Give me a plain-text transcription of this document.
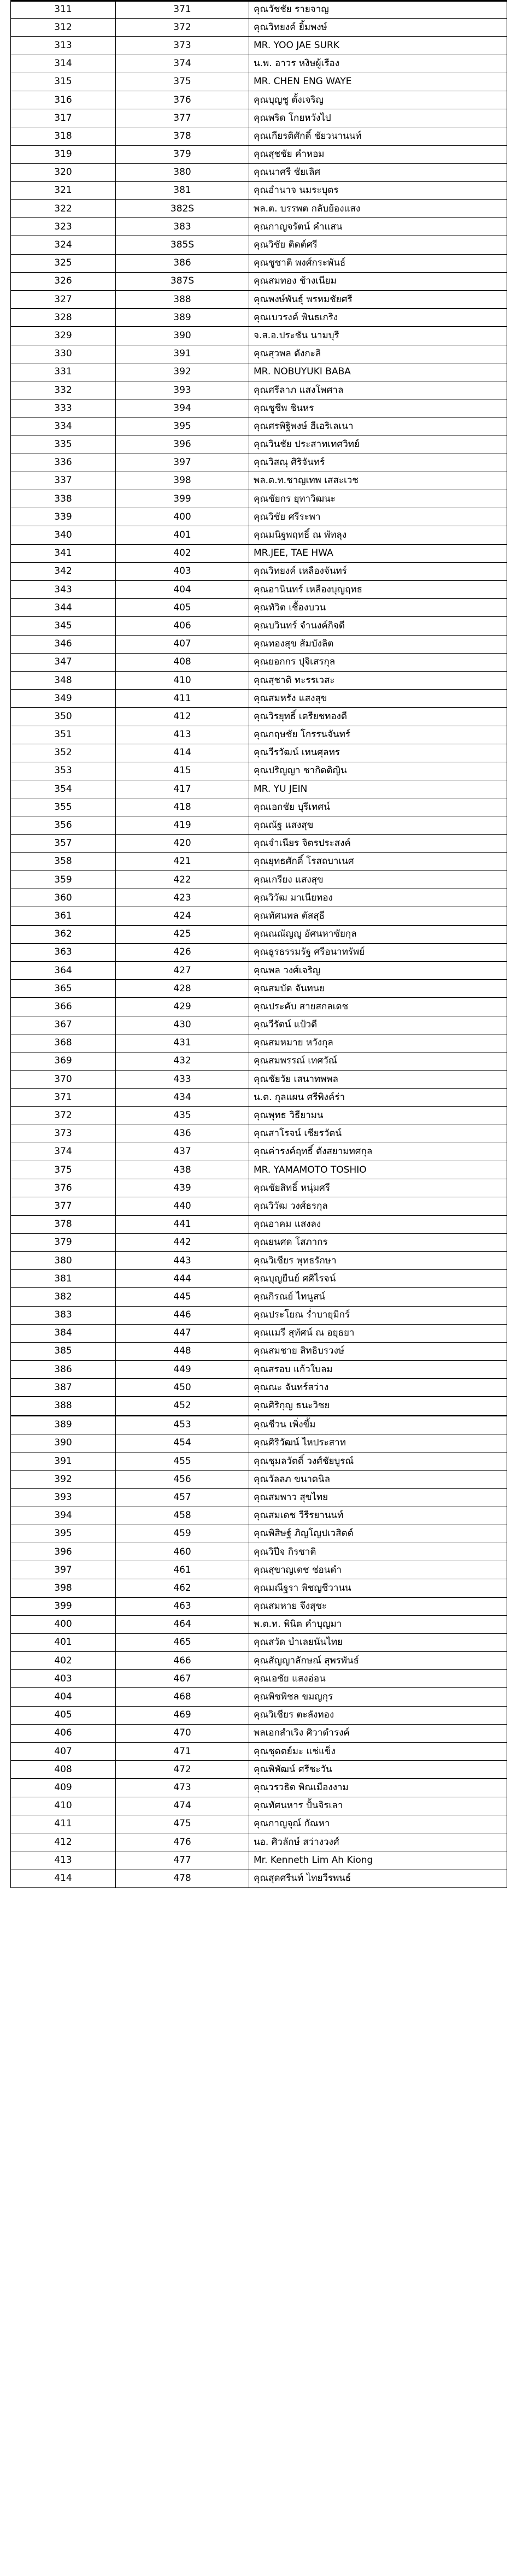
311	371	คุณวัชชัย รายจาญ
312	372	คุณวิทยงค์ ยิ้มพงษ์
313	373	MR. YOO JAE SURK
314	374	น.พ. อาวร หงิษผู้เรือง
315	375	MR. CHEN ENG WAYE
316	376	คุณบุญชู ตั้งเจริญ
317	377	คุณพริด โกยหวังไป
318	378	คุณเกียรติศักดิ์ ชัยวนานนท์
319	379	คุณสุชชัย คำหอม
320	380	คุณนาศรี ชัยเลิศ
321	381	คุณอำนาจ นมระบุตร
322	382S	พล.ต. บรรพต กลับย้องแสง
323	383	คุณกาญจรัตน์ คำแสน
324	385S	คุณวิชัย ติดต์ศรี
325	386	คุณชูชาติ พงศ์กระพันธ์
326	387S	คุณสมทอง ช้างเนียม
327	388	คุณพงษ์พันธุ์ พรหมชัยศรี
328	389	คุณเบวรงค์ พินธเกริง
329	390	จ.ส.อ.ประชัน นามบุรี
330	391	คุณสุวพล ดังกะลิ
331	392	MR. NOBUYUKI BABA
332	393	คุณศรีลาภ แสงโพศาล
333	394	คุณชูชีพ ชินหร
334	395	คุณศรพิฐิพงษ์ ฮีเอริเลเนา
335	396	คุณวินชัย ประสาทเทศวิทย์
336	397	คุณวิสณุ ศิริจันทร์
337	398	พล.ต.ท.ชาญเทพ เสสะเวช
338	399	คุณชัยกร ยุทาวิฒนะ
339	400	คุณวิชัย ศรีระพา
340	401	คุณมนิฐพฤทธิ์ ณ พัทลุง
341	402	MR.JEE, TAE HWA
342	403	คุณวิทยงค์ เหลืองจันทร์
343	404	คุณอานินทร์ เหลืองบุญฤทธ
344	405	คุณทัวิต เชื้องบวน
345	406	คุณบวินทร์ จำนงค์กิจดี
346	407	คุณทองสุข ส้มบังลิต
347	408	คุณยอกกร ปุจิเสรกุล
348	410	คุณสุชาติ ทะรรเวสะ
349	411	คุณสมหรัง แสงสุข
350	412	คุณวิรยุทธิ์ เตรียชทองดี
351	413	คุณกฤษชัย โกรรนจันทร์
352	414	คุณวีรวัฒน์ เทนศุลทร
353	415	คุณปริญญา ชากิดติญิน
354	417	MR. YU JEIN
355	418	คุณเอกชัย บุรีเทศน์
356	419	คุณณัฐ แสงสุข
357	420	คุณจำเนียร จิตรประสงค์
358	421	คุณยุทธศักดิ์ โรสถบาเนศ
359	422	คุณเกรียง แสงสุข
360	423	คุณวิวัฒ มาเนียทอง
361	424	คุณทัศนพล ตัสสุธี
362	425	คุณณณัญญู อัศนหาซัยกุล
363	426	คุณธูรธรรมรัฐ ศรีอนาทรัพย์
364	427	คุณพล วงศ์เจริญ
365	428	คุณสมบัด จันทนย
366	429	คุณประคับ สายสกลเดช
367	430	คุณวีรัตน์ แป้วดี
368	431	คุณสมหมาย หวังกุล
369	432	คุณสมพรรณ์ เทศวัณ์
370	433	คุณชัยวัย เสนาทพพล
371	434	น.ต. กุลแผน ศรีพิงค์ร่า
372	435	คุณพุทธ วิธียามน
373	436	คุณสาโรจน์ เชียรวัตน์
374	437	คุณค่ารงค์ฤทธิ์ ตังสยามทศกุล
375	438	MR. YAMAMOTO TOSHIO
376	439	คุณชัยสิทธิ์ หนุ่มศรี
377	440	คุณวิวัฒ วงศ์ธรกุล
378	441	คุณอาคม แสงลง
379	442	คุณยนศด โสภากร
380	443	คุณวิเชียร พุทธรักษา
381	444	คุณบุญยืนย์ ศศิไรจน์
382	445	คุณกิรณย์ ไทนูสน์
383	446	คุณประโยณ ร่ำบายุมิกร์
384	447	คุณแมรี สุทัศน์ ณ อยุธยา
385	448	คุณสมชาย สิทธิบรวงษ์
386	449	คุณสรอบ แก้วใบลม
387	450	คุณณะ จันทร์สว่าง
388	452	คุณศิริกุญ ธนะวิชย
389	453	คุณชีวน เพิ่งขึ้ม
390	454	คุณศิริวัฒน์ ไหประสาท
391	455	คุณชุมลวัตดิ์ วงศ์ชัยบูรณ์
392	456	คุณวัลลภ ขนาดนิล
393	457	คุณสมพาว สุขไทย
394	458	คุณสมเดช วีรีรยานนท์
395	459	คุณพิสิษฐ์ ภิญโญปเวสิตต์
396	460	คุณวิปีจ กิรชาติ
397	461	คุณสุขาญเดช ช่อนดำ
398	462	คุณมณีฐรา พิชญชีวานน
399	463	คุณสมหาย จึงสุชะ
400	464	พ.ต.ท. พินิต คำบุญมา
401	465	คุณสวัด บำเลยนันไทย
402	466	คุณสัญญาลักษณ์ สุพรพันธ์
403	467	คุณเอชัย แสงอ่อน
404	468	คุณพิชพิชล ขมญกุร
405	469	คุณวิเชียร ตะลังทอง
406	470	พลเอกสำเริง ศิวาดำรงค์
407	471	คุณชุดตย์มะ แช่แข็ง
408	472	คุณพิพัฒน์ ศรีชะวัน
409	473	คุณวรวธิต พิณเมืองงาม
410	474	คุณทัศนหาร ปั้นจิรเลา
411	475	คุณกาญจุณ์ กัณหา
412	476	นอ. ศิวลักษ์ สว่างวงศ์
413	477	Mr. Kenneth Lim Ah Kiong
414	478	คุณสุดศรีนท์ ไทยวีรพนธ์
